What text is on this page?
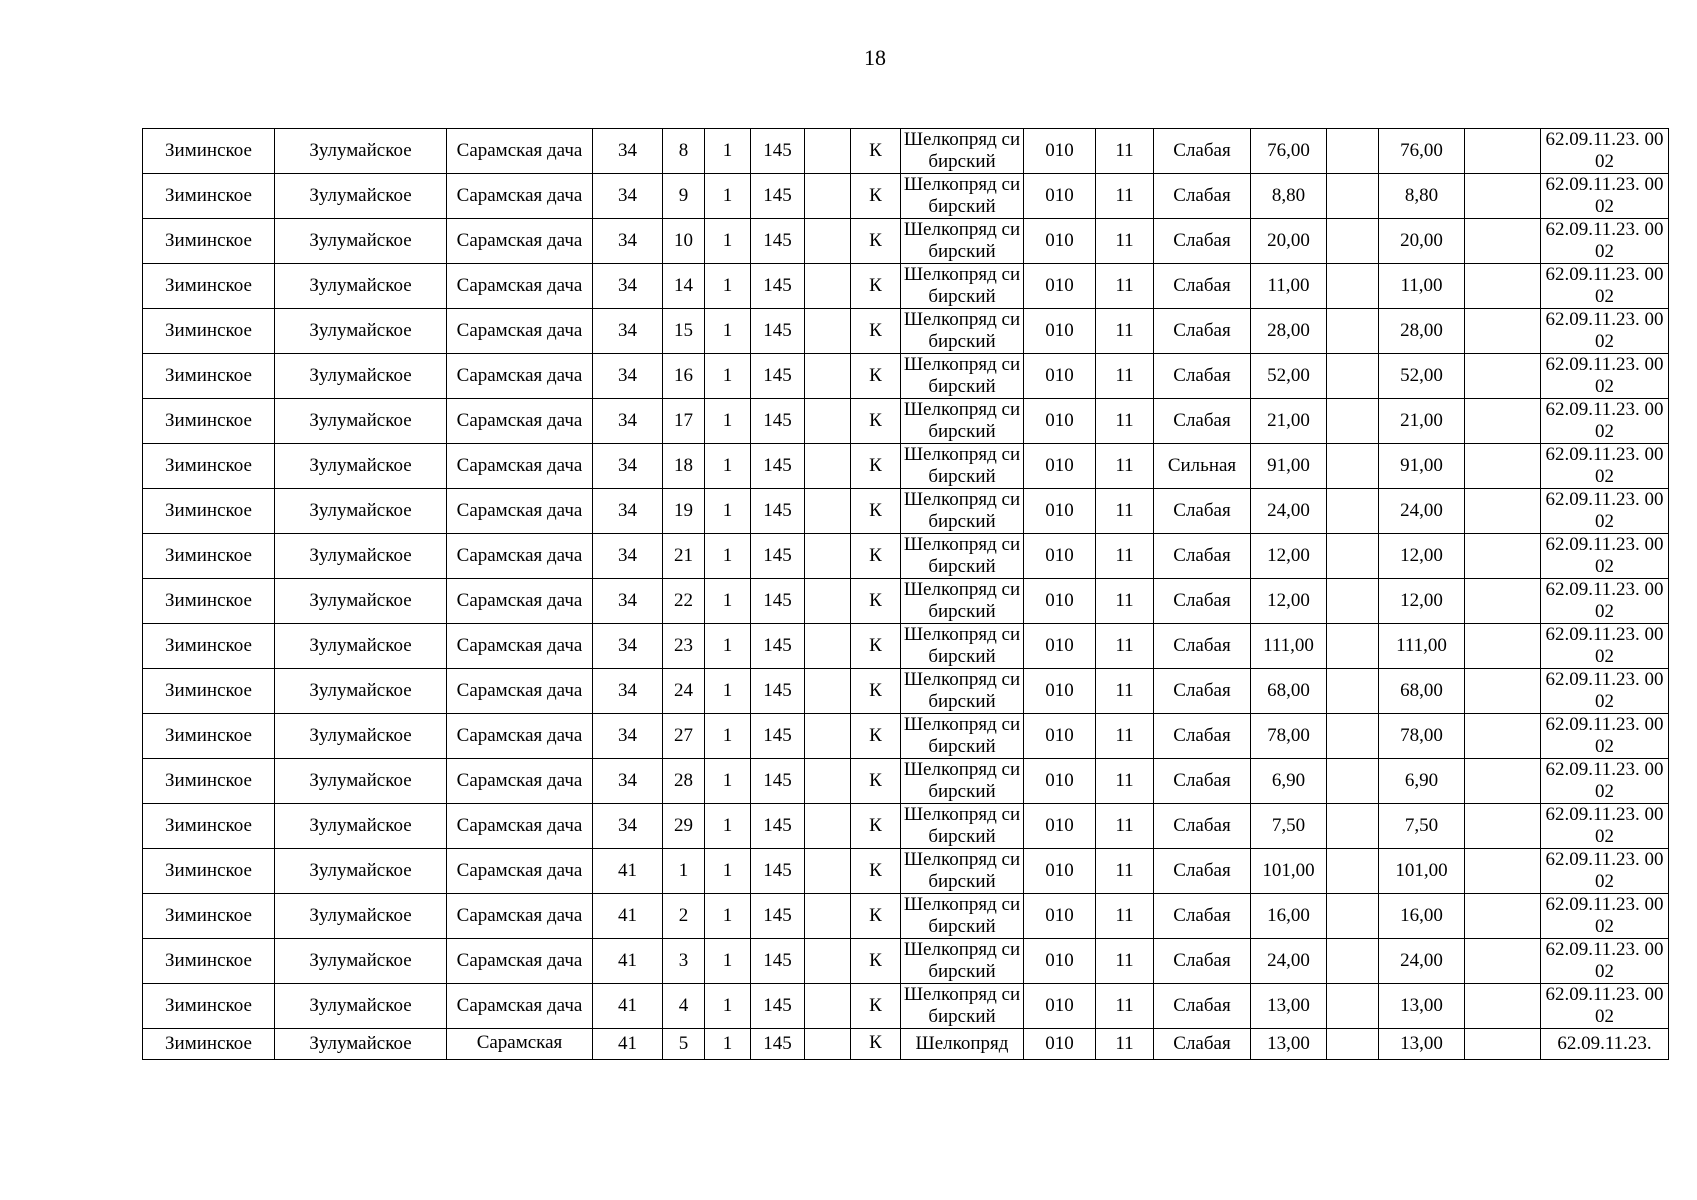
18
Зиминское	Зулумайское	Сарамская дача	34	8	1	145		К	Шелкопряд сибирский	010	11	Слабая	76,00		76,00		62.09.11.23. 0002
Зиминское	Зулумайское	Сарамская дача	34	9	1	145		К	Шелкопряд сибирский	010	11	Слабая	8,80		8,80		62.09.11.23. 0002
Зиминское	Зулумайское	Сарамская дача	34	10	1	145		К	Шелкопряд сибирский	010	11	Слабая	20,00		20,00		62.09.11.23. 0002
Зиминское	Зулумайское	Сарамская дача	34	14	1	145		К	Шелкопряд сибирский	010	11	Слабая	11,00		11,00		62.09.11.23. 0002
Зиминское	Зулумайское	Сарамская дача	34	15	1	145		К	Шелкопряд сибирский	010	11	Слабая	28,00		28,00		62.09.11.23. 0002
Зиминское	Зулумайское	Сарамская дача	34	16	1	145		К	Шелкопряд сибирский	010	11	Слабая	52,00		52,00		62.09.11.23. 0002
Зиминское	Зулумайское	Сарамская дача	34	17	1	145		К	Шелкопряд сибирский	010	11	Слабая	21,00		21,00		62.09.11.23. 0002
Зиминское	Зулумайское	Сарамская дача	34	18	1	145		К	Шелкопряд сибирский	010	11	Сильная	91,00		91,00		62.09.11.23. 0002
Зиминское	Зулумайское	Сарамская дача	34	19	1	145		К	Шелкопряд сибирский	010	11	Слабая	24,00		24,00		62.09.11.23. 0002
Зиминское	Зулумайское	Сарамская дача	34	21	1	145		К	Шелкопряд сибирский	010	11	Слабая	12,00		12,00		62.09.11.23. 0002
Зиминское	Зулумайское	Сарамская дача	34	22	1	145		К	Шелкопряд сибирский	010	11	Слабая	12,00		12,00		62.09.11.23. 0002
Зиминское	Зулумайское	Сарамская дача	34	23	1	145		К	Шелкопряд сибирский	010	11	Слабая	111,00		111,00		62.09.11.23. 0002
Зиминское	Зулумайское	Сарамская дача	34	24	1	145		К	Шелкопряд сибирский	010	11	Слабая	68,00		68,00		62.09.11.23. 0002
Зиминское	Зулумайское	Сарамская дача	34	27	1	145		К	Шелкопряд сибирский	010	11	Слабая	78,00		78,00		62.09.11.23. 0002
Зиминское	Зулумайское	Сарамская дача	34	28	1	145		К	Шелкопряд сибирский	010	11	Слабая	6,90		6,90		62.09.11.23. 0002
Зиминское	Зулумайское	Сарамская дача	34	29	1	145		К	Шелкопряд сибирский	010	11	Слабая	7,50		7,50		62.09.11.23. 0002
Зиминское	Зулумайское	Сарамская дача	41	1	1	145		К	Шелкопряд сибирский	010	11	Слабая	101,00		101,00		62.09.11.23. 0002
Зиминское	Зулумайское	Сарамская дача	41	2	1	145		К	Шелкопряд сибирский	010	11	Слабая	16,00		16,00		62.09.11.23. 0002
Зиминское	Зулумайское	Сарамская дача	41	3	1	145		К	Шелкопряд сибирский	010	11	Слабая	24,00		24,00		62.09.11.23. 0002
Зиминское	Зулумайское	Сарамская дача	41	4	1	145		К	Шелкопряд сибирский	010	11	Слабая	13,00		13,00		62.09.11.23. 0002
Зиминское	Зулумайское	Сарамская	41	5	1	145		К	Шелкопряд	010	11	Слабая	13,00		13,00		62.09.11.23.
